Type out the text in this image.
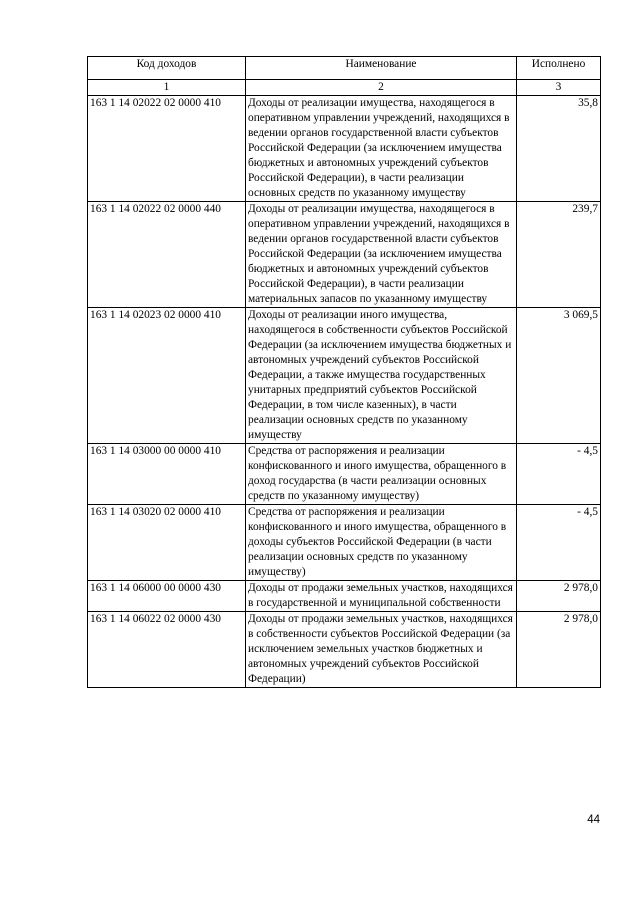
Код доходов	Наименование	Исполнено
1	2	3
163 1 14 02022 02 0000 410	Доходы от реализации имущества, находящегося в оперативном управлении учреждений, находящихся в ведении органов государственной власти субъектов Российской Федерации (за исключением имущества бюджетных и автономных учреждений субъектов Российской Федерации), в части реализации основных средств по указанному имуществу	35,8
163 1 14 02022 02 0000 440	Доходы от реализации имущества, находящегося в оперативном управлении учреждений, находящихся в ведении органов государственной власти субъектов Российской Федерации (за исключением имущества бюджетных и автономных учреждений субъектов Российской Федерации), в части реализации материальных запасов по указанному имуществу	239,7
163 1 14 02023 02 0000 410	Доходы от реализации иного имущества, находящегося в собственности субъектов Российской Федерации (за исключением имущества бюджетных и автономных учреждений субъектов Российской Федерации, а также имущества государственных унитарных предприятий субъектов Российской Федерации, в том числе казенных), в части реализации основных средств по указанному имуществу	3 069,5
163 1 14 03000 00 0000 410	Средства от распоряжения и реализации конфискованного и иного имущества, обращенного в доход государства (в части реализации основных средств по указанному имуществу)	- 4,5
163 1 14 03020 02 0000 410	Средства от распоряжения и реализации конфискованного и иного имущества, обращенного в доходы субъектов Российской Федерации (в части реализации основных средств по указанному имуществу)	- 4,5
163 1 14 06000 00 0000 430	Доходы от продажи земельных участков, находящихся в государственной и муниципальной собственности	2 978,0
163 1 14 06022 02 0000 430	Доходы от продажи земельных участков, находящихся в собственности субъектов Российской Федерации (за исключением земельных участков бюджетных и автономных учреждений субъектов Российской Федерации)	2 978,0
44
